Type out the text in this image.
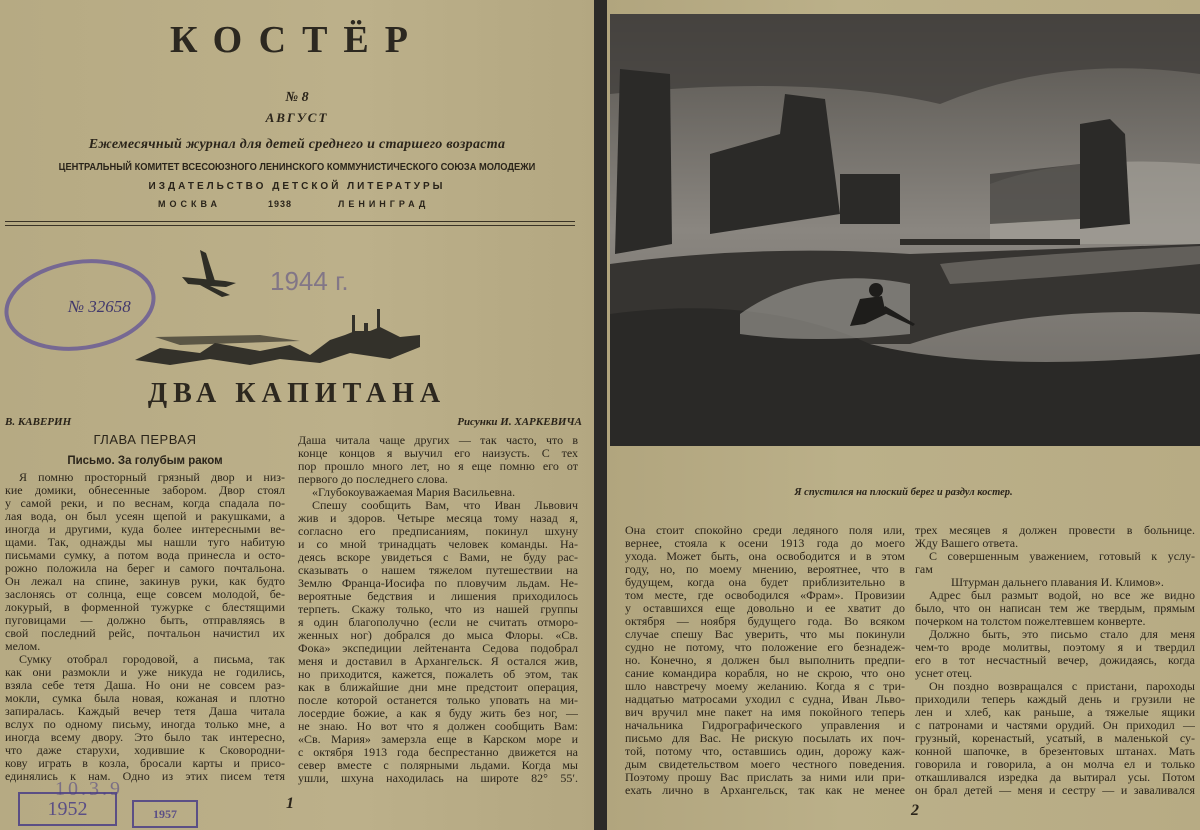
КОСТЁР
№ 8
АВГУСТ
Ежемесячный журнал для детей среднего и старшего возраста
ЦЕНТРАЛЬНЫЙ КОМИТЕТ ВСЕСОЮЗНОГО ЛЕНИНСКОГО КОММУНИСТИЧЕСКОГО СОЮЗА МОЛОДЕЖИ
ИЗДАТЕЛЬСТВО ДЕТСКОЙ ЛИТЕРАТУРЫ
МОСКВА	1938	ЛЕНИНГРАД
№ 32658
1944 г.
ДВА КАПИТАНА
В. КАВЕРИН	Рисунки И. ХАРКЕВИЧА
ГЛАВА ПЕРВАЯ
Письмо. За голубым раком
Я помню просторный грязный двор и низ-
кие домики, обнесенные забором. Двор стоял
у самой реки, и по веснам, когда спадала по-
лая вода, он был усеян щепой и ракушками, а
иногда и другими, куда более интересными ве-
щами. Так, однажды мы нашли туго набитую
письмами сумку, а потом вода принесла и осто-
рожно положила на берег и самого почтальона.
Он лежал на спине, закинув руки, как будто
заслонясь от солнца, еще совсем молодой, бе-
локурый, в форменной тужурке с блестящими
пуговицами — должно быть, отправляясь в
свой последний рейс, почтальон начистил их
мелом.
Сумку отобрал городовой, а письма, так
как они размокли и уже никуда не годились,
взяла себе тетя Даша. Но они не совсем раз-
мокли, сумка была новая, кожаная и плотно
запиралась. Каждый вечер тетя Даша читала
вслух по одному письму, иногда только мне, а
иногда всему двору. Это было так интересно,
что даже старухи, ходившие к Сковородни-
кову играть в козла, бросали карты и присо-
единялись к нам. Одно из этих писем тетя
Даша читала чаще других — так часто, что в
конце концов я выучил его наизусть. С тех
пор прошло много лет, но я еще помню его от
первого до последнего слова.
«Глубокоуважаемая Мария Васильевна.
Спешу сообщить Вам, что Иван Львович
жив и здоров. Четыре месяца тому назад я,
согласно его предписаниям, покинул шхуну
и со мной тринадцать человек команды. На-
деясь вскоре увидеться с Вами, не буду рас-
сказывать о нашем тяжелом путешествии на
Землю Франца-Иосифа по пловучим льдам. Не-
вероятные бедствия и лишения приходилось
терпеть. Скажу только, что из нашей группы
я один благополучно (если не считать отморо-
женных ног) добрался до мыса Флоры. «Св.
Фока» экспедиции лейтенанта Седова подобрал
меня и доставил в Архангельск. Я остался жив,
но приходится, кажется, пожалеть об этом, так
как в ближайшие дни мне предстоит операция,
после которой останется только уповать на ми-
лосердие божие, а как я буду жить без ног, —
не знаю. Но вот что я должен сообщить Вам:
«Св. Мария» замерзла еще в Карском море и
с октября 1913 года беспрестанно движется на
север вместе с полярными льдами. Когда мы
ушли, шхуна находилась на широте 82° 55′.
1
1952	1957
10.3.9
Я спустился на плоский берег и раздул костер.
Она стоит спокойно среди ледяного поля или,
вернее, стояла к осени 1913 года до моего
ухода. Может быть, она освободится и в этом
году, но, по моему мнению, вероятнее, что в
будущем, когда она будет приблизительно в
том месте, где освободился «Фрам». Провизии
у оставшихся еще довольно и ее хватит до
октября — ноября будущего года. Во всяком
случае спешу Вас уверить, что мы покинули
судно не потому, что положение его безнадеж-
но. Конечно, я должен был выполнить предпи-
сание командира корабля, но не скрою, что оно
шло навстречу моему желанию. Когда я с три-
надцатью матросами уходил с судна, Иван Льво-
вич вручил мне пакет на имя покойного теперь
начальника Гидрографического управления и
письмо для Вас. Не рискую посылать их поч-
той, потому что, оставшись один, дорожу каж-
дым свидетельством моего честного поведения.
Поэтому прошу Вас прислать за ними или при-
ехать лично в Архангельск, так как не менее
трех месяцев я должен провести в больнице.
Жду Вашего ответа.
С совершенным уважением, готовый к услу-
гам
Штурман дальнего плавания И. Климов».
Адрес был размыт водой, но все же видно
было, что он написан тем же твердым, прямым
почерком на толстом пожелтевшем конверте.
Должно быть, это письмо стало для меня
чем-то вроде молитвы, поэтому я и твердил
его в тот несчастный вечер, дожидаясь, когда
уснет отец.
Он поздно возвращался с пристани, пароходы
приходили теперь каждый день и грузили не
лен и хлеб, как раньше, а тяжелые ящики
с патронами и частями орудий. Он приходил —
грузный, коренастый, усатый, в маленькой су-
конной шапочке, в брезентовых штанах. Мать
говорила и говорила, а он молча ел и только
откашливался изредка да вытирал усы. Потом
он брал детей — меня и сестру — и заваливался
2
